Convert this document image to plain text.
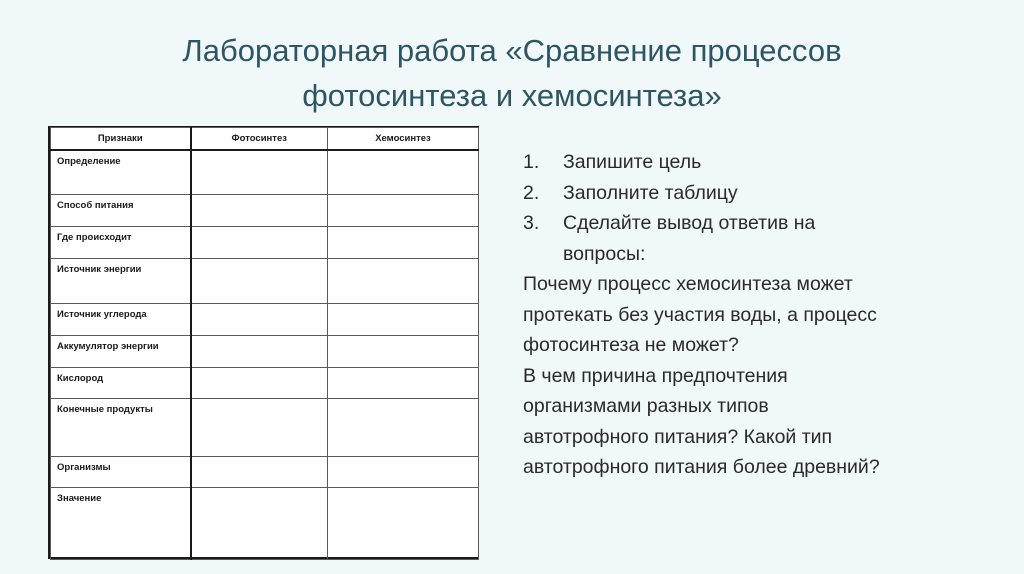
Лабораторная работа «Сравнение процессов
фотосинтеза и хемосинтеза»
Признаки	Фотосинтез	Хемосинтез
Определение		
Способ питания		
Где происходит		
Источник энергии		
Источник углерода		
Аккумулятор энергии		
Кислород		
Конечные продукты		
Организмы		
Значение		
1.	Запишите цель
2.	Заполните таблицу
3.	Сделайте вывод ответив на вопросы:

Почему процесс хемосинтеза может протекать без участия воды, а процесс фотосинтеза не может?

В чем причина предпочтения организмами разных типов автотрофного питания? Какой тип автотрофного питания более древний?
